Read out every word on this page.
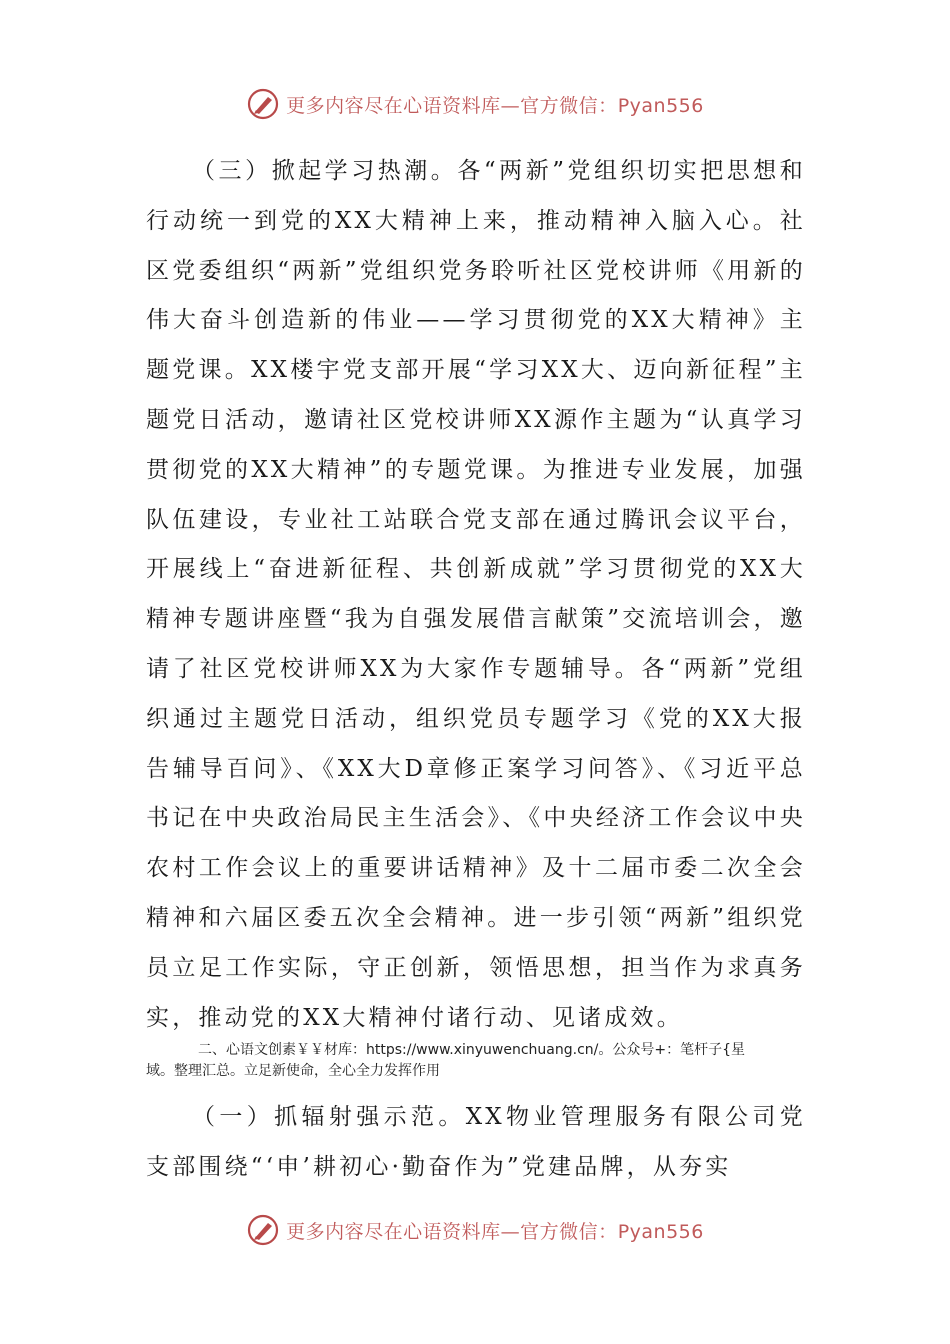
更多内容尽在心语资料库—官方微信：Pyan556

（三）掀起学习热潮。各“两新”党组织切实把思想和行动统一到党的XX大精神上来，推动精神入脑入心。社区党委组织“两新”党组织党务聆听社区党校讲师《用新的伟大奋斗创造新的伟业——学习贯彻党的XX大精神》主题党课。XX楼宇党支部开展“学习XX大、迈向新征程”主题党日活动，邀请社区党校讲师XX源作主题为“认真学习贯彻党的XX大精神”的专题党课。为推进专业发展，加强队伍建设，专业社工站联合党支部在通过腾讯会议平台，开展线上“奋进新征程、共创新成就”学习贯彻党的XX大精神专题讲座暨“我为自强发展借言献策”交流培训会，邀请了社区党校讲师XX为大家作专题辅导。各“两新”党组织通过主题党日活动，组织党员专题学习《党的XX大报告辅导百问》、《XX大D章修正案学习问答》、《习近平总书记在中央政治局民主生活会》、《中央经济工作会议中央农村工作会议上的重要讲话精神》及十二届市委二次全会精神和六届区委五次全会精神。进一步引领“两新”组织党员立足工作实际，守正创新，领悟思想，担当作为求真务实，推动党的XX大精神付诸行动、见诸成效。

二、心语文创素￥￥材库：https://www.xinyuwenchuang.cn/。公众号+：笔杆子{星
域。整理汇总。立足新使命，全心全力发挥作用

（一）抓辐射强示范。XX物业管理服务有限公司党支部围绕“‘申’耕初心·勤奋作为”党建品牌，从夯实

更多内容尽在心语资料库—官方微信：Pyan556
